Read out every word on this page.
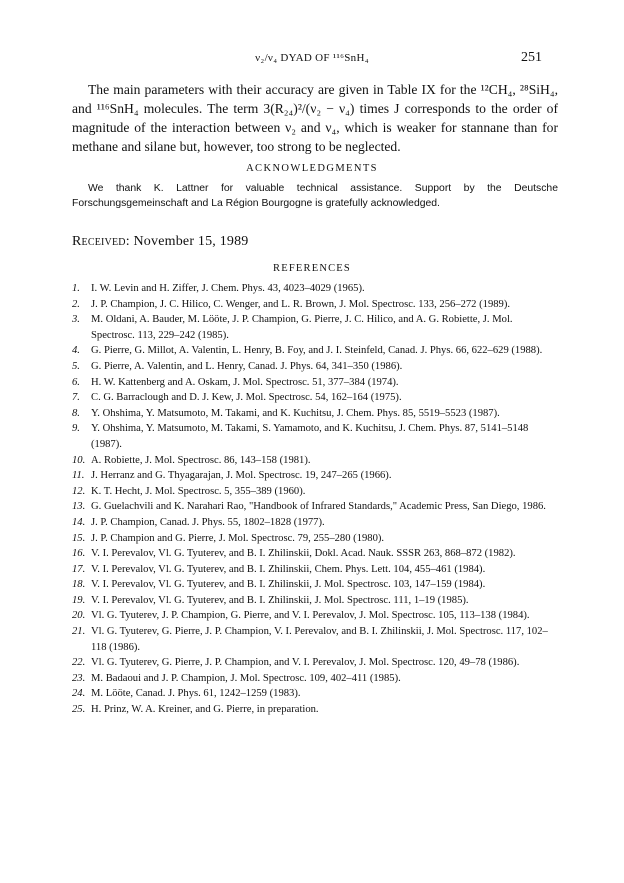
ν₂/ν₄ DYAD OF ¹¹⁶SnH₄	251

The main parameters with their accuracy are given in Table IX for the ¹²CH₄, ²⁸SiH₄, and ¹¹⁶SnH₄ molecules. The term 3(R₂₄)²/(ν₂ − ν₄) times J corresponds to the order of magnitude of the interaction between ν₂ and ν₄, which is weaker for stannane than for methane and silane but, however, too strong to be neglected.

ACKNOWLEDGMENTS

We thank K. Lattner for valuable technical assistance. Support by the Deutsche Forschungsgemeinschaft and La Région Bourgogne is gratefully acknowledged.

Received: November 15, 1989
REFERENCES
1.	I. W. Levin and H. Ziffer, J. Chem. Phys. 43, 4023–4029 (1965).
2.	J. P. Champion, J. C. Hilico, C. Wenger, and L. R. Brown, J. Mol. Spectrosc. 133, 256–272 (1989).
3.	M. Oldani, A. Bauder, M. Lööte, J. P. Champion, G. Pierre, J. C. Hilico, and A. G. Robiette, J. Mol. Spectrosc. 113, 229–242 (1985).
4.	G. Pierre, G. Millot, A. Valentin, L. Henry, B. Foy, and J. I. Steinfeld, Canad. J. Phys. 66, 622–629 (1988).
5.	G. Pierre, A. Valentin, and L. Henry, Canad. J. Phys. 64, 341–350 (1986).
6.	H. W. Kattenberg and A. Oskam, J. Mol. Spectrosc. 51, 377–384 (1974).
7.	C. G. Barraclough and D. J. Kew, J. Mol. Spectrosc. 54, 162–164 (1975).
8.	Y. Ohshima, Y. Matsumoto, M. Takami, and K. Kuchitsu, J. Chem. Phys. 85, 5519–5523 (1987).
9.	Y. Ohshima, Y. Matsumoto, M. Takami, S. Yamamoto, and K. Kuchitsu, J. Chem. Phys. 87, 5141–5148 (1987).
10. A. Robiette, J. Mol. Spectrosc. 86, 143–158 (1981).
11. J. Herranz and G. Thyagarajan, J. Mol. Spectrosc. 19, 247–265 (1966).
12. K. T. Hecht, J. Mol. Spectrosc. 5, 355–389 (1960).
13. G. Guelachvili and K. Narahari Rao, "Handbook of Infrared Standards," Academic Press, San Diego, 1986.
14. J. P. Champion, Canad. J. Phys. 55, 1802–1828 (1977).
15. J. P. Champion and G. Pierre, J. Mol. Spectrosc. 79, 255–280 (1980).
16. V. I. Perevalov, Vl. G. Tyuterev, and B. I. Zhilinskii, Dokl. Acad. Nauk. SSSR 263, 868–872 (1982).
17. V. I. Perevalov, Vl. G. Tyuterev, and B. I. Zhilinskii, Chem. Phys. Lett. 104, 455–461 (1984).
18. V. I. Perevalov, Vl. G. Tyuterev, and B. I. Zhilinskii, J. Mol. Spectrosc. 103, 147–159 (1984).
19. V. I. Perevalov, Vl. G. Tyuterev, and B. I. Zhilinskii, J. Mol. Spectrosc. 111, 1–19 (1985).
20. Vl. G. Tyuterev, J. P. Champion, G. Pierre, and V. I. Perevalov, J. Mol. Spectrosc. 105, 113–138 (1984).
21. Vl. G. Tyuterev, G. Pierre, J. P. Champion, V. I. Perevalov, and B. I. Zhilinskii, J. Mol. Spectrosc. 117, 102–118 (1986).
22. Vl. G. Tyuterev, G. Pierre, J. P. Champion, and V. I. Perevalov, J. Mol. Spectrosc. 120, 49–78 (1986).
23. M. Badaoui and J. P. Champion, J. Mol. Spectrosc. 109, 402–411 (1985).
24. M. Lööte, Canad. J. Phys. 61, 1242–1259 (1983).
25. H. Prinz, W. A. Kreiner, and G. Pierre, in preparation.
